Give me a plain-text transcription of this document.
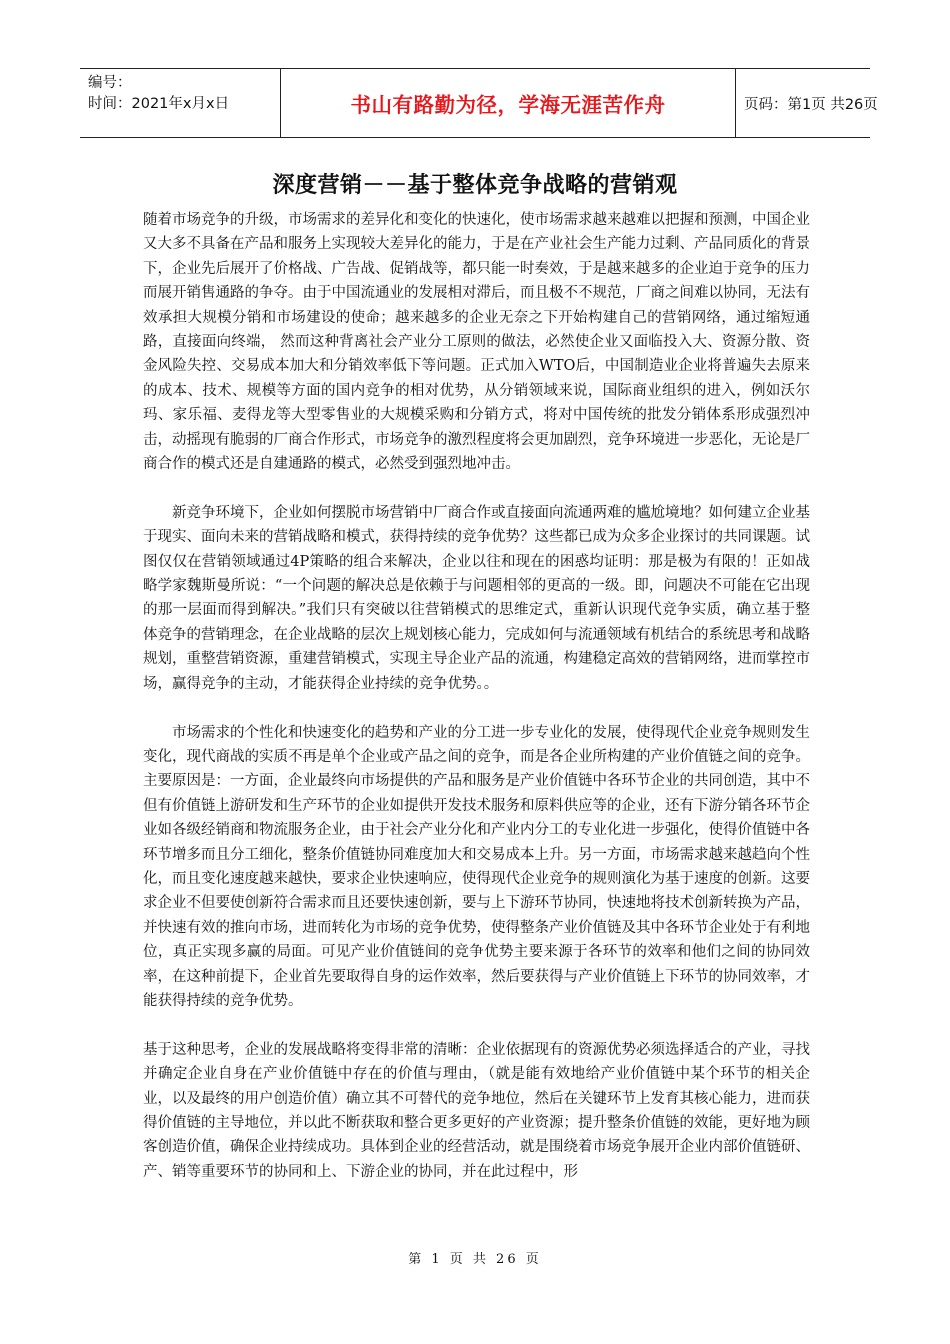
编号：
时间：2021年x月x日	书山有路勤为径，学海无涯苦作舟	页码：第1页 共26页
深度营销－－基于整体竞争战略的营销观

随着市场竞争的升级，市场需求的差异化和变化的快速化，使市场需求越来越难以把握和预测，中国企业又大多不具备在产品和服务上实现较大差异化的能力，于是在产业社会生产能力过剩、产品同质化的背景下，企业先后展开了价格战、广告战、促销战等，都只能一时奏效，于是越来越多的企业迫于竞争的压力而展开销售通路的争夺。由于中国流通业的发展相对滞后，而且极不不规范，厂商之间难以协同，无法有效承担大规模分销和市场建设的使命；越来越多的企业无奈之下开始构建自己的营销网络，通过缩短通路，直接面向终端， 然而这种背离社会产业分工原则的做法，必然使企业又面临投入大、资源分散、资金风险失控、交易成本加大和分销效率低下等问题。正式加入WTO后，中国制造业企业将普遍失去原来的成本、技术、规模等方面的国内竞争的相对优势，从分销领域来说，国际商业组织的进入，例如沃尔玛、家乐福、麦得龙等大型零售业的大规模采购和分销方式，将对中国传统的批发分销体系形成强烈冲击，动摇现有脆弱的厂商合作形式，市场竞争的激烈程度将会更加剧烈，竞争环境进一步恶化，无论是厂商合作的模式还是自建通路的模式，必然受到强烈地冲击。

新竞争环境下，企业如何摆脱市场营销中厂商合作或直接面向流通两难的尴尬境地？如何建立企业基于现实、面向未来的营销战略和模式，获得持续的竞争优势？这些都已成为众多企业探讨的共同课题。试图仅仅在营销领域通过4P策略的组合来解决，企业以往和现在的困惑均证明：那是极为有限的！正如战略学家魏斯曼所说：“一个问题的解决总是依赖于与问题相邻的更高的一级。即，问题决不可能在它出现的那一层面而得到解决。”我们只有突破以往营销模式的思维定式，重新认识现代竞争实质，确立基于整体竞争的营销理念，在企业战略的层次上规划核心能力，完成如何与流通领域有机结合的系统思考和战略规划，重整营销资源，重建营销模式，实现主导企业产品的流通，构建稳定高效的营销网络，进而掌控市场，赢得竞争的主动，才能获得企业持续的竞争优势。。

市场需求的个性化和快速变化的趋势和产业的分工进一步专业化的发展，使得现代企业竞争规则发生变化，现代商战的实质不再是单个企业或产品之间的竞争，而是各企业所构建的产业价值链之间的竞争。主要原因是：一方面，企业最终向市场提供的产品和服务是产业价值链中各环节企业的共同创造，其中不但有价值链上游研发和生产环节的企业如提供开发技术服务和原料供应等的企业，还有下游分销各环节企业如各级经销商和物流服务企业，由于社会产业分化和产业内分工的专业化进一步强化，使得价值链中各环节增多而且分工细化，整条价值链协同难度加大和交易成本上升。另一方面，市场需求越来越趋向个性化，而且变化速度越来越快，要求企业快速响应，使得现代企业竞争的规则演化为基于速度的创新。这要求企业不但要使创新符合需求而且还要快速创新，要与上下游环节协同，快速地将技术创新转换为产品，并快速有效的推向市场，进而转化为市场的竞争优势，使得整条产业价值链及其中各环节企业处于有利地位，真正实现多赢的局面。可见产业价值链间的竞争优势主要来源于各环节的效率和他们之间的协同效率，在这种前提下，企业首先要取得自身的运作效率，然后要获得与产业价值链上下环节的协同效率，才能获得持续的竞争优势。

基于这种思考，企业的发展战略将变得非常的清晰：企业依据现有的资源优势必须选择适合的产业，寻找并确定企业自身在产业价值链中存在的价值与理由，（就是能有效地给产业价值链中某个环节的相关企业，以及最终的用户创造价值）确立其不可替代的竞争地位，然后在关键环节上发育其核心能力，进而获得价值链的主导地位，并以此不断获取和整合更多更好的产业资源；提升整条价值链的效能，更好地为顾客创造价值，确保企业持续成功。具体到企业的经营活动，就是围绕着市场竞争展开企业内部价值链研、产、销等重要环节的协同和上、下游企业的协同，并在此过程中，形

第 1 页 共 26 页
